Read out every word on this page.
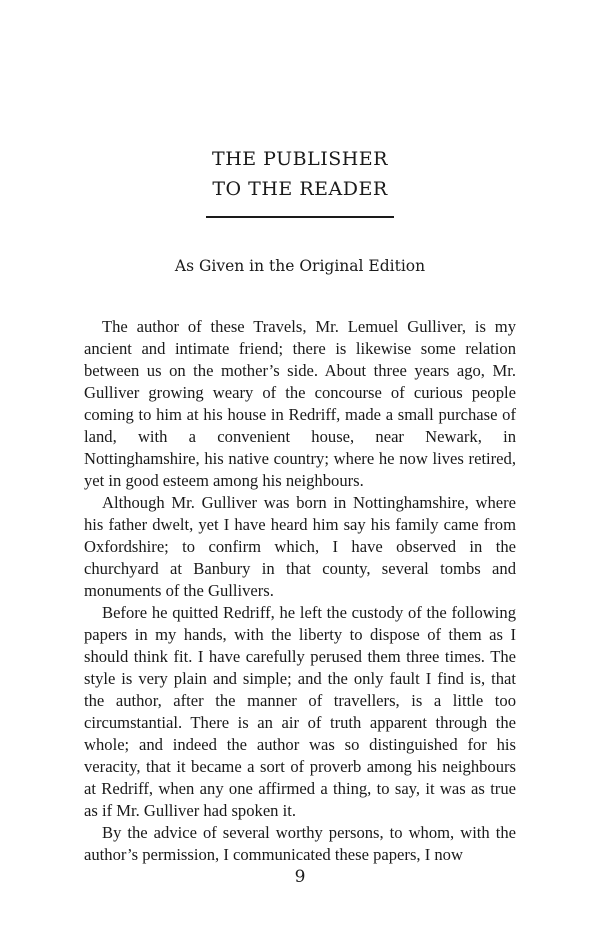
THE PUBLISHER
TO THE READER
As Given in the Original Edition

The author of these Travels, Mr. Lemuel Gulliver, is my ancient and intimate friend; there is likewise some relation between us on the mother’s side. About three years ago, Mr. Gulliver growing weary of the concourse of curious people coming to him at his house in Redriff, made a small purchase of land, with a convenient house, near Newark, in Nottinghamshire, his native country; where he now lives retired, yet in good esteem among his neighbours.

Although Mr. Gulliver was born in Nottinghamshire, where his father dwelt, yet I have heard him say his family came from Oxfordshire; to confirm which, I have observed in the churchyard at Banbury in that county, several tombs and monuments of the Gullivers.

Before he quitted Redriff, he left the custody of the following papers in my hands, with the liberty to dispose of them as I should think fit. I have carefully perused them three times. The style is very plain and simple; and the only fault I find is, that the author, after the manner of travellers, is a little too circumstantial. There is an air of truth apparent through the whole; and indeed the author was so distinguished for his veracity, that it became a sort of proverb among his neighbours at Redriff, when any one affirmed a thing, to say, it was as true as if Mr. Gulliver had spoken it.

By the advice of several worthy persons, to whom, with the author’s permission, I communicated these papers, I now

9
